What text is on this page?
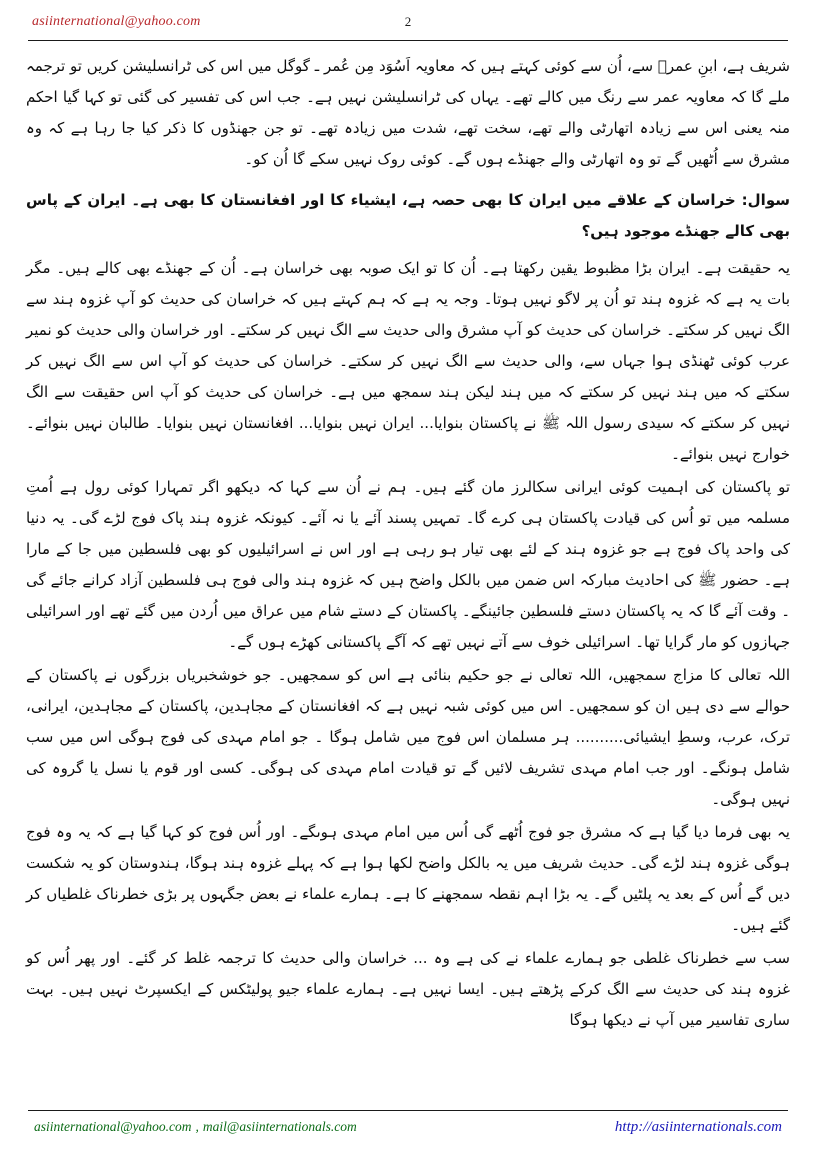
asiinternational@yahoo.com	2

شریف ہے، ابنِ عمرؓ سے، اُن سے کوئی کہتے ہیں کہ معاویہ اَسُوَد مِن عُمر ـ گوگل میں اس کی ٹرانسلیشن کریں تو ترجمہ ملے گا کہ معاویہ عمر سے رنگ میں کالے تھے۔ یہاں کی ٹرانسلیشن نہیں ہے۔ جب اس کی تفسیر کی گئی تو کہا گیا احکم منہ یعنی اس سے زیادہ اتھارٹی والے تھے، سخت تھے، شدت میں زیادہ تھے۔ تو جن جھنڈوں کا ذکر کیا جا رہا ہے کہ وہ مشرق سے اُٹھیں گے تو وہ اتھارٹی والے جھنڈے ہوں گے۔ کوئی روک نہیں سکے گا اُن کو۔

سوال: خراسان کے علاقے میں ایران کا بھی حصہ ہے، ایشیاء کا اور افغانستان کا بھی ہے۔ ایران کے پاس بھی کالے جھنڈے موجود ہیں؟

یہ حقیقت ہے۔ ایران بڑا مظبوط یقین رکھتا ہے۔ اُن کا تو ایک صوبہ بھی خراسان ہے۔ اُن کے جھنڈے بھی کالے ہیں۔ مگر بات یہ ہے کہ غزوہ ہند تو اُن پر لاگو نہیں ہوتا۔ وجہ یہ ہے کہ ہم کہتے ہیں کہ خراسان کی حدیث کو آپ غزوہ ہند سے الگ نہیں کر سکتے۔ خراسان کی حدیث کو آپ مشرق والی حدیث سے الگ نہیں کر سکتے۔ اور خراسان والی حدیث کو نمیر عرب کوئی ٹھنڈی ہوا جہاں سے، والی حدیث سے الگ نہیں کر سکتے۔ خراسان کی حدیث کو آپ اس سے الگ نہیں کر سکتے کہ میں ہند نہیں کر سکتے کہ میں ہند لیکن ہند سمجھ میں ہے۔ خراسان کی حدیث کو آپ اس حقیقت سے الگ نہیں کر سکتے کہ سیدی رسول اللہ ﷺ نے پاکستان بنوایا... ایران نہیں بنوایا... افغانستان نہیں بنوایا۔ طالبان نہیں بنوائے۔ خوارج نہیں بنوائے۔

تو پاکستان کی اہمیت کوئی ایرانی سکالرز مان گئے ہیں۔ ہم نے اُن سے کہا کہ دیکھو اگر تمہارا کوئی رول ہے اُمتِ مسلمہ میں تو اُس کی قیادت پاکستان ہی کرے گا۔ تمہیں پسند آئے یا نہ آئے۔ کیونکہ غزوہ ہند پاک فوج لڑے گی۔ یہ دنیا کی واحد پاک فوج ہے جو غزوہ ہند کے لئے بھی تیار ہو رہی ہے اور اس نے اسرائیلیوں کو بھی فلسطین میں جا کے مارا ہے۔ حضور ﷺ کی احادیث مبارکہ اس ضمن میں بالکل واضح ہیں کہ غزوہ ہند والی فوج ہی فلسطین آزاد کرانے جائے گی ۔ وقت آئے گا کہ یہ پاکستان دستے فلسطین جائینگے۔ پاکستان کے دستے شام میں عراق میں اُردن میں گئے تھے اور اسرائیلی جہازوں کو مار گرایا تھا۔ اسرائیلی خوف سے آتے نہیں تھے کہ آگے پاکستانی کھڑے ہوں گے۔

اللہ تعالی کا مزاج سمجھیں، اللہ تعالی نے جو حکیم بنائی ہے اس کو سمجھیں۔ جو خوشخبریاں بزرگوں نے پاکستان کے حوالے سے دی ہیں ان کو سمجھیں۔ اس میں کوئی شبہ نہیں ہے کہ افغانستان کے مجاہدین، پاکستان کے مجاہدین، ایرانی، ترک، عرب، وسطِ ایشیائی.......... ہر مسلمان اس فوج میں شامل ہوگا ۔ جو امام مہدی کی فوج ہوگی اس میں سب شامل ہونگے۔ اور جب امام مہدی تشریف لائیں گے تو قیادت امام مہدی کی ہوگی۔ کسی اور قوم یا نسل یا گروہ کی نہیں ہوگی۔

یہ بھی فرما دیا گیا ہے کہ مشرق جو فوج اُٹھے گی اُس میں امام مہدی ہوںگے۔ اور اُس فوج کو کہا گیا ہے کہ یہ وہ فوج ہوگی غزوہ ہند لڑے گی۔ حدیث شریف میں یہ بالکل واضح لکھا ہوا ہے کہ پہلے غزوہ ہند ہوگا، ہندوستان کو یہ شکست دیں گے اُس کے بعد یہ پلٹیں گے۔ یہ بڑا اہم نقطہ سمجھنے کا ہے۔ ہمارے علماء نے بعض جگہوں پر بڑی خطرناک غلطیاں کر گئے ہیں۔

سب سے خطرناک غلطی جو ہمارے علماء نے کی ہے وہ ... خراسان والی حدیث کا ترجمہ غلط کر گئے۔ اور پھر اُس کو غزوہ ہند کی حدیث سے الگ کرکے پڑھتے ہیں۔ ایسا نہیں ہے۔ ہمارے علماء جیو پولیٹکس کے ایکسپرٹ نہیں ہیں۔ بہت ساری تفاسیر میں آپ نے دیکھا ہوگا

asiinternational@yahoo.com , mail@asiinternationals.com	http://asiinternationals.com
